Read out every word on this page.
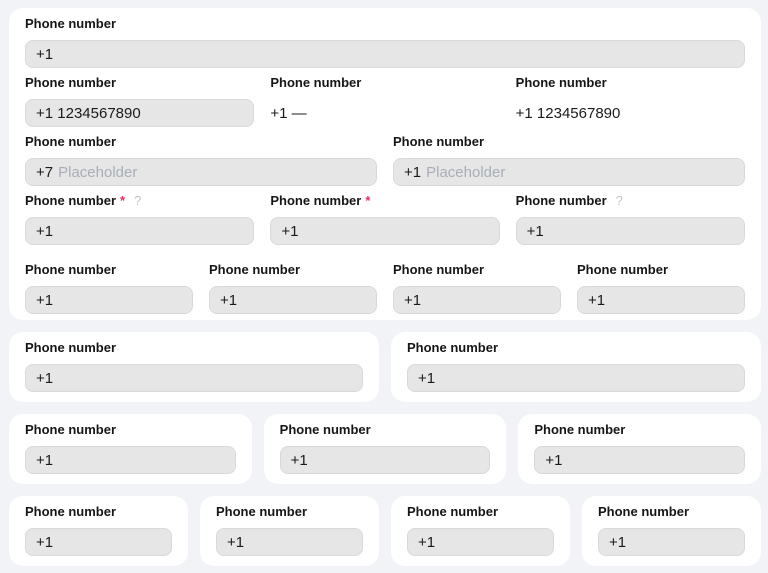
Phone number
+1
Phone number
+1 1234567890
Phone number
+1 —
Phone number
+1 1234567890
Phone number
+7 Placeholder
Phone number
+1 Placeholder
Phone number * ?
+1
Phone number *
+1
Phone number ?
+1
Phone number
+1
Phone number
+1
Phone number
+1
Phone number
+1
Phone number
+1
Phone number
+1
Phone number
+1
Phone number
+1
Phone number
+1
Phone number
+1
Phone number
+1
Phone number
+1
Phone number
+1
